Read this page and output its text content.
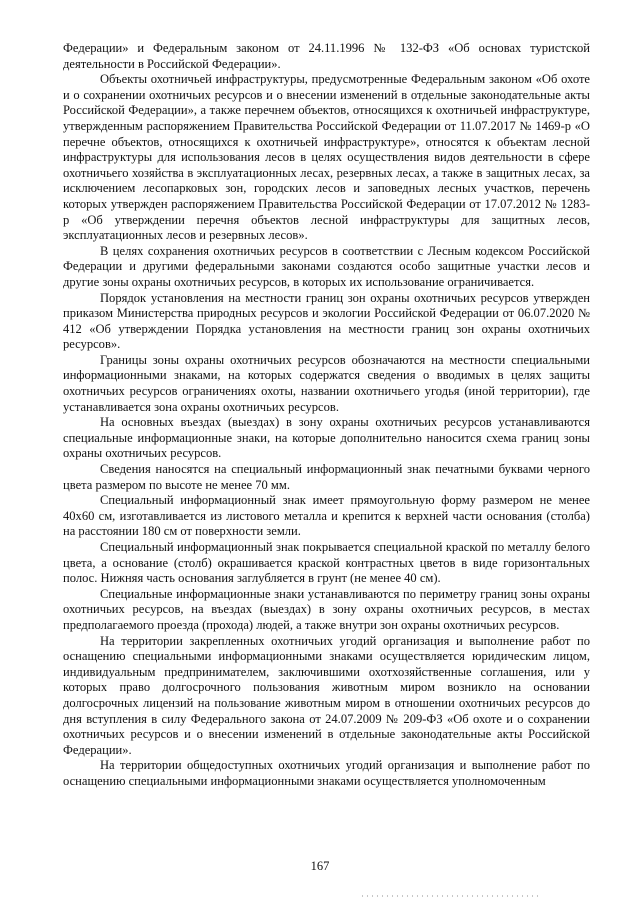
Федерации» и Федеральным законом от 24.11.1996 № 132-ФЗ «Об основах туристской деятельности в Российской Федерации».

Объекты охотничьей инфраструктуры, предусмотренные Федеральным законом «Об охоте и о сохранении охотничьих ресурсов и о внесении изменений в отдельные законодательные акты Российской Федерации», а также перечнем объектов, относящихся к охотничьей инфраструктуре, утвержденным распоряжением Правительства Российской Федерации от 11.07.2017 № 1469-р «О перечне объектов, относящихся к охотничьей инфраструктуре», относятся к объектам лесной инфраструктуры для использования лесов в целях осуществления видов деятельности в сфере охотничьего хозяйства в эксплуатационных лесах, резервных лесах, а также в защитных лесах, за исключением лесопарковых зон, городских лесов и заповедных лесных участков, перечень которых утвержден распоряжением Правительства Российской Федерации от 17.07.2012 № 1283-р «Об утверждении перечня объектов лесной инфраструктуры для защитных лесов, эксплуатационных лесов и резервных лесов».

В целях сохранения охотничьих ресурсов в соответствии с Лесным кодексом Российской Федерации и другими федеральными законами создаются особо защитные участки лесов и другие зоны охраны охотничьих ресурсов, в которых их использование ограничивается.

Порядок установления на местности границ зон охраны охотничьих ресурсов утвержден приказом Министерства природных ресурсов и экологии Российской Федерации от 06.07.2020 № 412 «Об утверждении Порядка установления на местности границ зон охраны охотничьих ресурсов».

Границы зоны охраны охотничьих ресурсов обозначаются на местности специальными информационными знаками, на которых содержатся сведения о вводимых в целях защиты охотничьих ресурсов ограничениях охоты, названии охотничьего угодья (иной территории), где устанавливается зона охраны охотничьих ресурсов.

На основных въездах (выездах) в зону охраны охотничьих ресурсов устанавливаются специальные информационные знаки, на которые дополнительно наносится схема границ зоны охраны охотничьих ресурсов.

Сведения наносятся на специальный информационный знак печатными буквами черного цвета размером по высоте не менее 70 мм.

Специальный информационный знак имеет прямоугольную форму размером не менее 40x60 см, изготавливается из листового металла и крепится к верхней части основания (столба) на расстоянии 180 см от поверхности земли.

Специальный информационный знак покрывается специальной краской по металлу белого цвета, а основание (столб) окрашивается краской контрастных цветов в виде горизонтальных полос. Нижняя часть основания заглубляется в грунт (не менее 40 см).

Специальные информационные знаки устанавливаются по периметру границ зоны охраны охотничьих ресурсов, на въездах (выездах) в зону охраны охотничьих ресурсов, в местах предполагаемого проезда (прохода) людей, а также внутри зон охраны охотничьих ресурсов.

На территории закрепленных охотничьих угодий организация и выполнение работ по оснащению специальными информационными знаками осуществляется юридическим лицом, индивидуальным предпринимателем, заключившими охотхозяйственные соглашения, или у которых право долгосрочного пользования животным миром возникло на основании долгосрочных лицензий на пользование животным миром в отношении охотничьих ресурсов до дня вступления в силу Федерального закона от 24.07.2009 № 209-ФЗ «Об охоте и о сохранении охотничьих ресурсов и о внесении изменений в отдельные законодательные акты Российской Федерации».

На территории общедоступных охотничьих угодий организация и выполнение работ по оснащению специальными информационными знаками осуществляется уполномоченным

167
